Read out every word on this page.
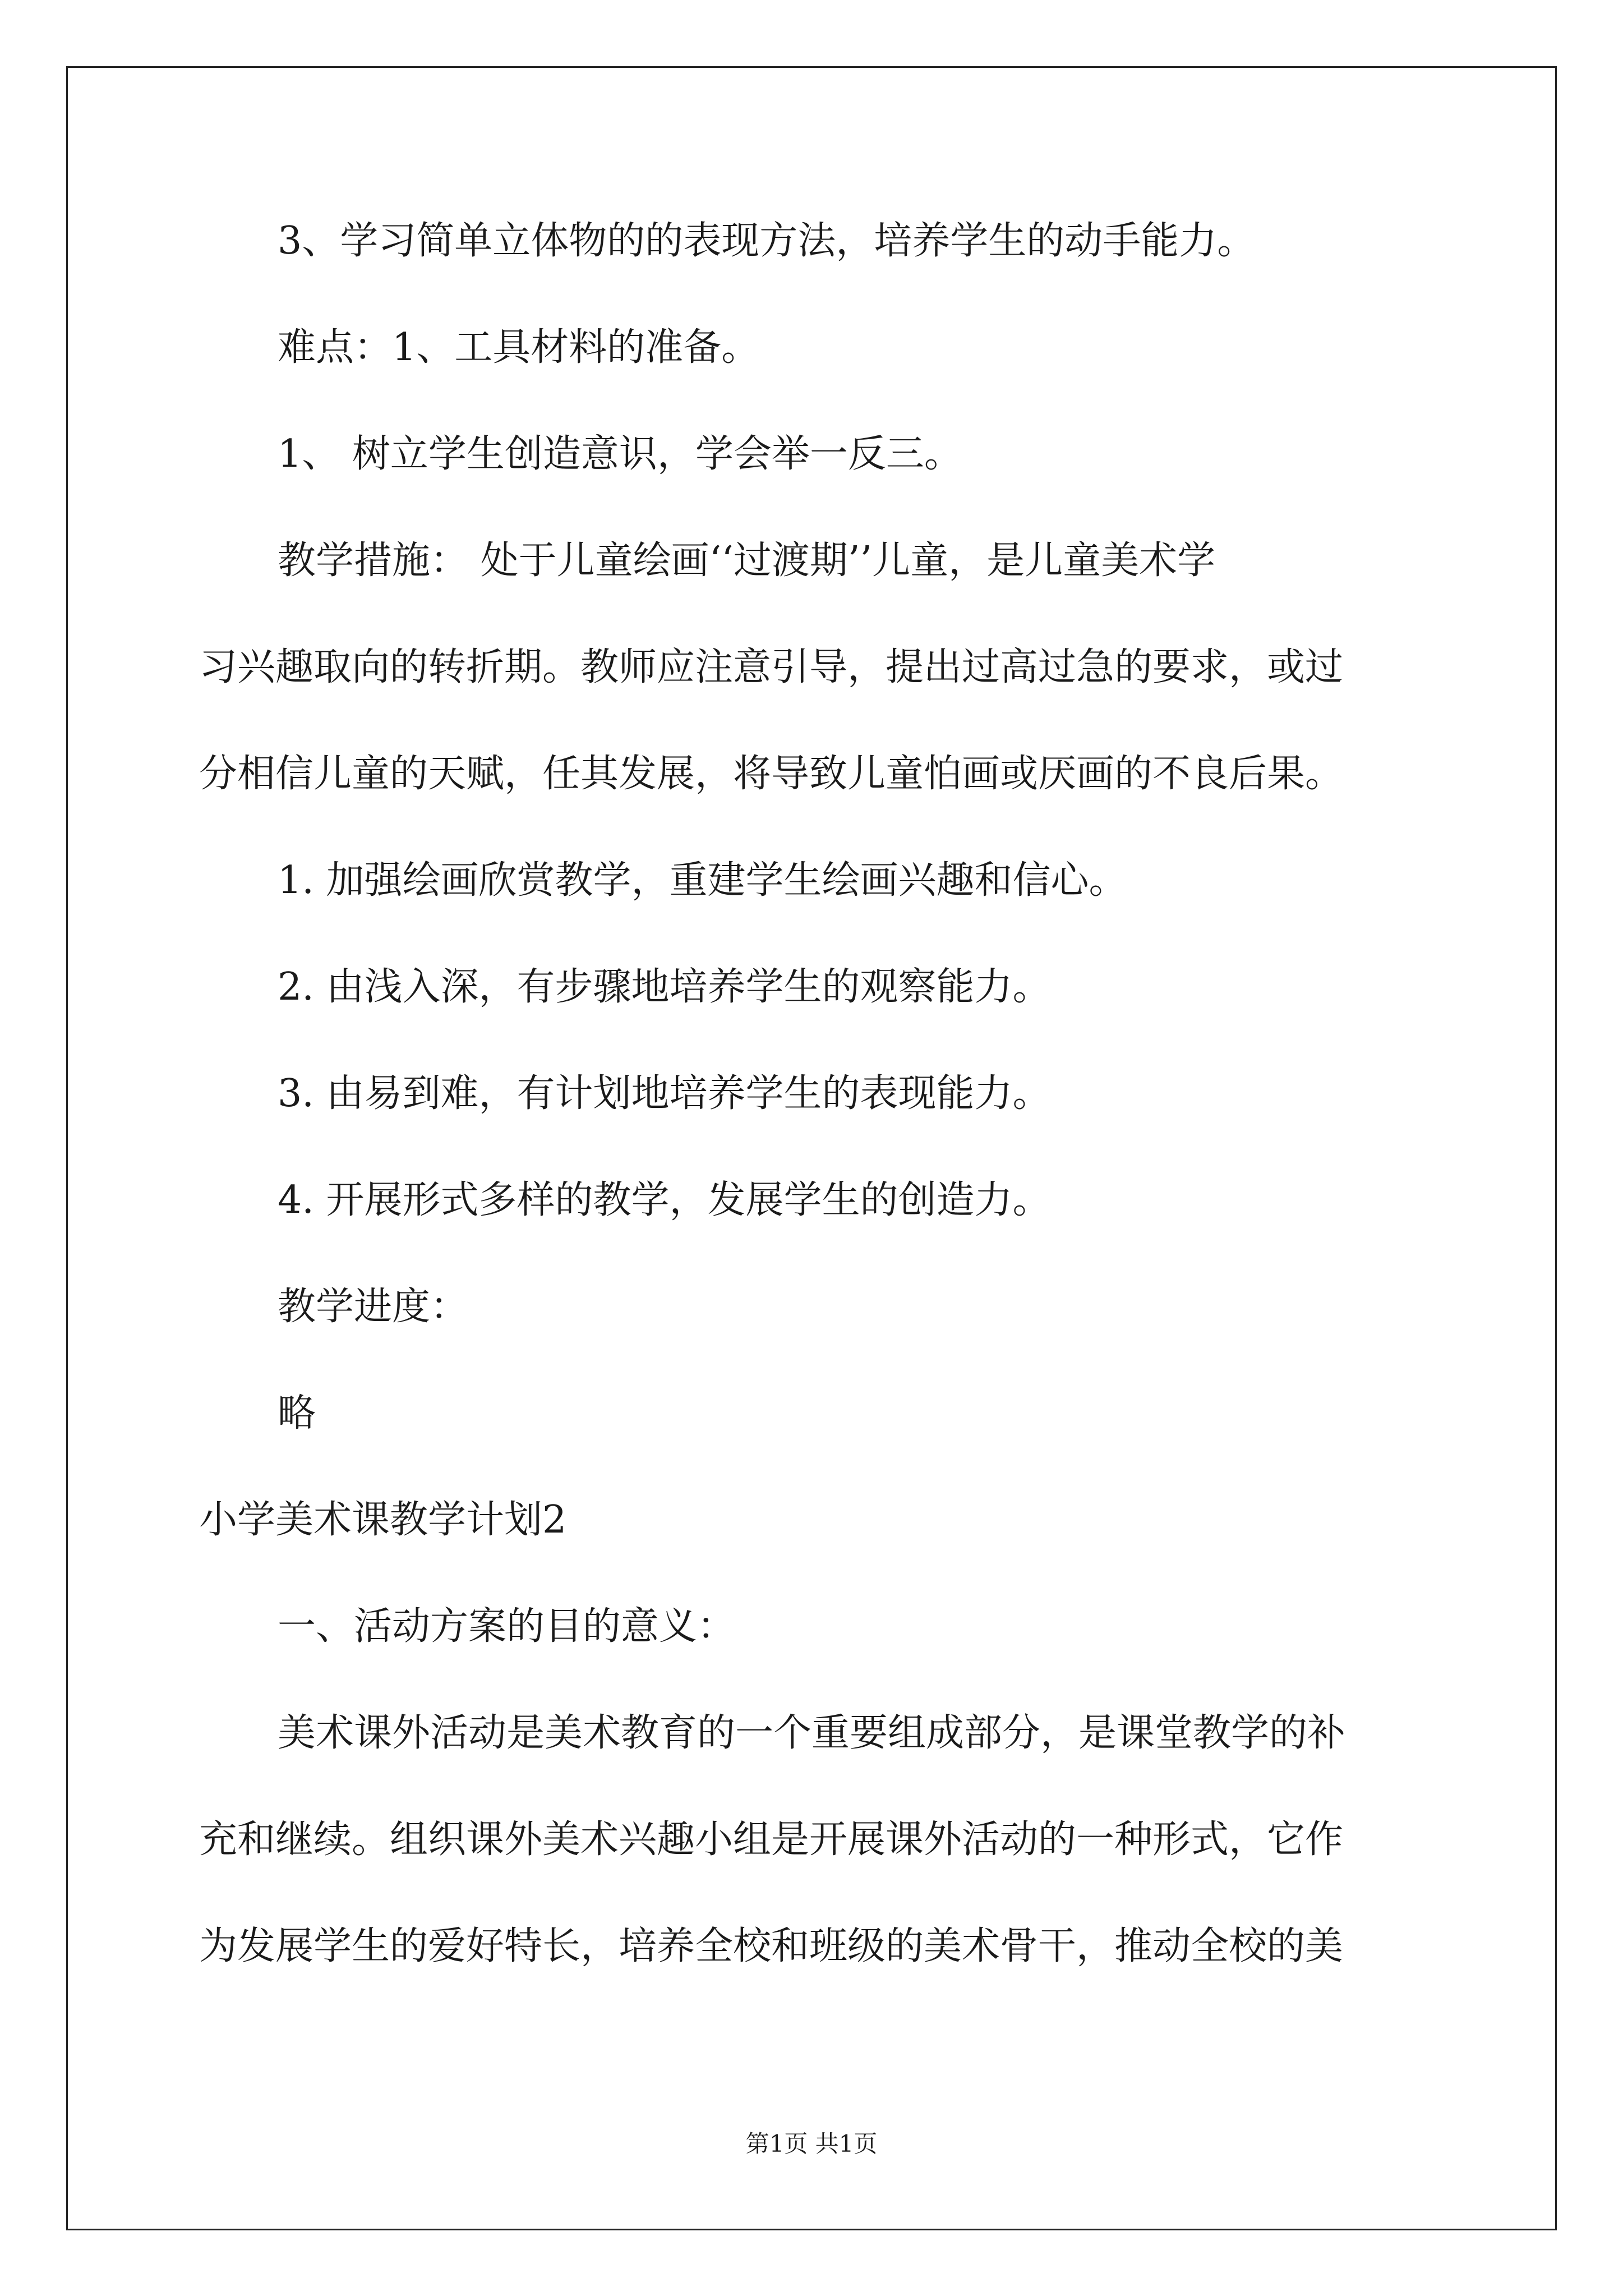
3、学习简单立体物的的表现方法，培养学生的动手能力。
难点：1、工具材料的准备。
1、 树立学生创造意识，学会举一反三。
教学措施： 处于儿童绘画‘‘过渡期’’儿童，是儿童美术学
习兴趣取向的转折期。教师应注意引导，提出过高过急的要求，或过
分相信儿童的天赋，任其发展，将导致儿童怕画或厌画的不良后果。
1. 加强绘画欣赏教学，重建学生绘画兴趣和信心。
2. 由浅入深，有步骤地培养学生的观察能力。
3. 由易到难，有计划地培养学生的表现能力。
4. 开展形式多样的教学，发展学生的创造力。
教学进度：
略
小学美术课教学计划2
一、活动方案的目的意义：
美术课外活动是美术教育的一个重要组成部分，是课堂教学的补
充和继续。组织课外美术兴趣小组是开展课外活动的一种形式，它作
为发展学生的爱好特长，培养全校和班级的美术骨干，推动全校的美
第1页 共1页
